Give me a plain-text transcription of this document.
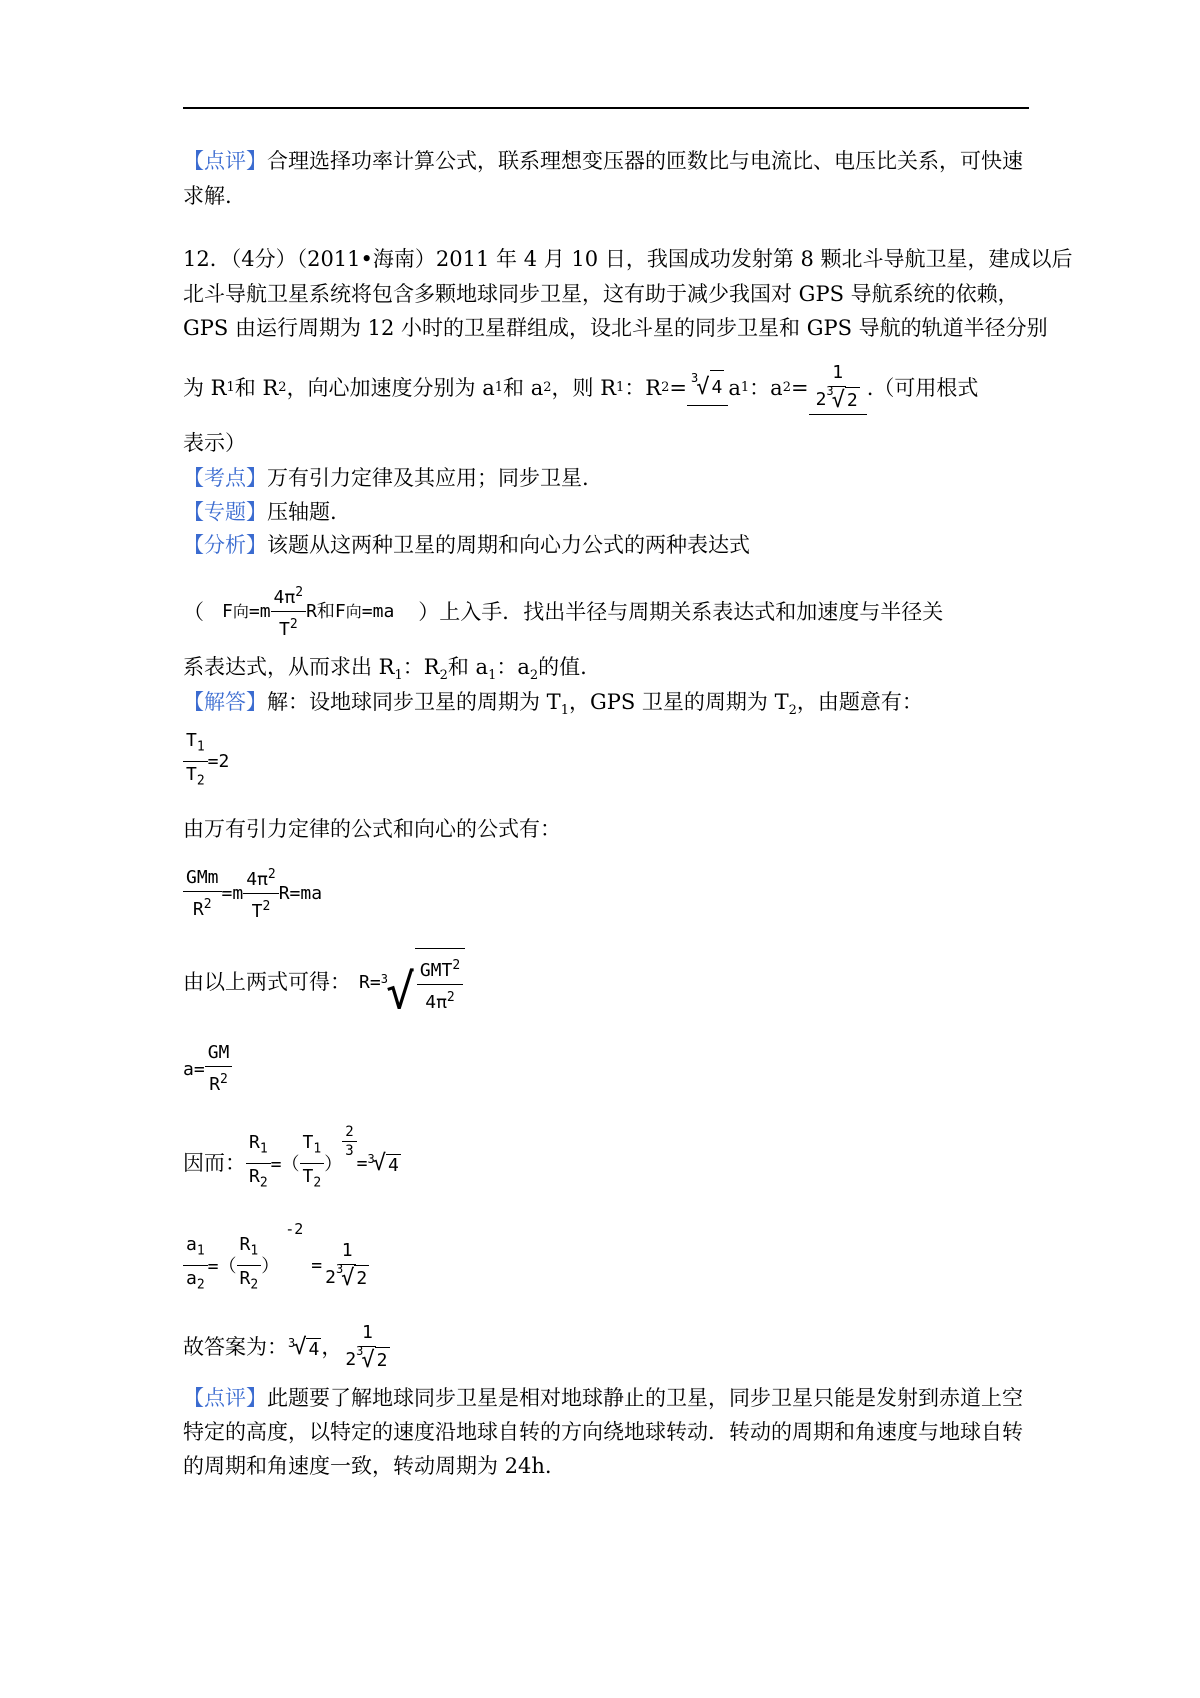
【点评】合理选择功率计算公式，联系理想变压器的匝数比与电流比、电压比关系，可快速
求解.
12．（4分）（2011•海南）2011 年 4 月 10 日，我国成功发射第 8 颗北斗导航卫星，建成以后
北斗导航卫星系统将包含多颗地球同步卫星，这有助于减少我国对 GPS 导航系统的依赖，
GPS 由运行周期为 12 小时的卫星群组成，设北斗星的同步卫星和 GPS 导航的轨道半径分别
为 R 1 和 R 2 ，向心加速度分别为 a 1 和 a 2 ，则 R 1 ：R 2 = 3
√ 4 a 1 ：a 2 = 1
2 3
√ 2 .（可用根式
表示）
【考点】万有引力定律及其应用；同步卫星.
【专题】压轴题.
【分析】该题从这两种卫星的周期和向心力公式的两种表达式
（ F 向 $=m \frac{4\pi^2}{T^2}$ R和 F 向 =ma ）上入手．找出半径与周期关系表达式和加速度与半径关
系表达式，从而求出 $R_1$：$R_2$和 $a_1$：$a_2$的值.
【解答】解：设地球同步卫星的周期为 $T_1$，GPS 卫星的周期为 $T_2$，由题意有：
$\frac{T_1}{T_2} =2$
由万有引力定律的公式和向心的公式有：
$\frac{\text{GMm}}{R^2} =m \frac{4\pi^2}{T^2} R=ma$
由以上两式可得： R= 3
√ $\frac{GMT^2}{4\pi^2}$
$a= \frac{GM}{R^2}$
因而： $\frac{R_1}{R_2}$ =（ $\frac{T_1}{T_2}$ ）
$\frac{2}{3}$
= 3
√ 4
$\frac{a_1}{a_2}$ =（ $\frac{R_1}{R_2}$ ）
-2
= 1
2 3
√ 2
故答案为： 3
√ 4 ， 1
2 3
√ 2
【点评】此题要了解地球同步卫星是相对地球静止的卫星，同步卫星只能是发射到赤道上空
特定的高度，以特定的速度沿地球自转的方向绕地球转动．转动的周期和角速度与地球自转
的周期和角速度一致，转动周期为 24h.
